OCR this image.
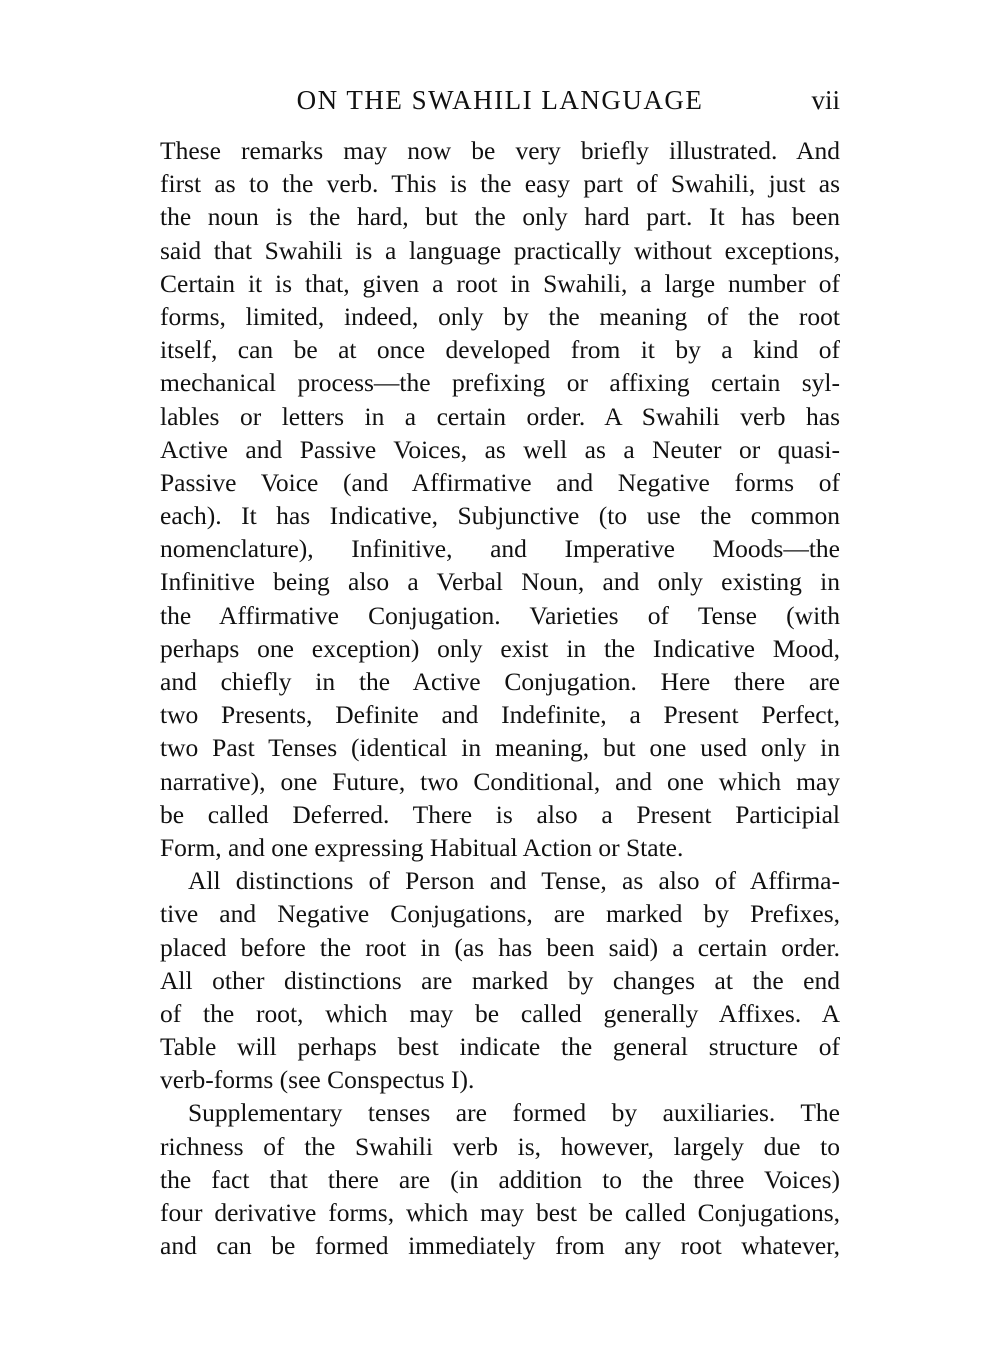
ON THE SWAHILI LANGUAGE	vii
These remarks may now be very briefly illustrated. And
first as to the verb. This is the easy part of Swahili, just as
the noun is the hard, but the only hard part. It has been
said that Swahili is a language practically without exceptions,
Certain it is that, given a root in Swahili, a large number of
forms, limited, indeed, only by the meaning of the root
itself, can be at once developed from it by a kind of
mechanical process—the prefixing or affixing certain syl-
lables or letters in a certain order. A Swahili verb has
Active and Passive Voices, as well as a Neuter or quasi-
Passive Voice (and Affirmative and Negative forms of
each). It has Indicative, Subjunctive (to use the common
nomenclature), Infinitive, and Imperative Moods—the
Infinitive being also a Verbal Noun, and only existing in
the Affirmative Conjugation. Varieties of Tense (with
perhaps one exception) only exist in the Indicative Mood,
and chiefly in the Active Conjugation. Here there are
two Presents, Definite and Indefinite, a Present Perfect,
two Past Tenses (identical in meaning, but one used only in
narrative), one Future, two Conditional, and one which may
be called Deferred. There is also a Present Participial
Form, and one expressing Habitual Action or State.
All distinctions of Person and Tense, as also of Affirma-
tive and Negative Conjugations, are marked by Prefixes,
placed before the root in (as has been said) a certain order.
All other distinctions are marked by changes at the end
of the root, which may be called generally Affixes. A
Table will perhaps best indicate the general structure of
verb-forms (see Conspectus I).
Supplementary tenses are formed by auxiliaries. The
richness of the Swahili verb is, however, largely due to
the fact that there are (in addition to the three Voices)
four derivative forms, which may best be called Conjugations,
and can be formed immediately from any root whatever,
